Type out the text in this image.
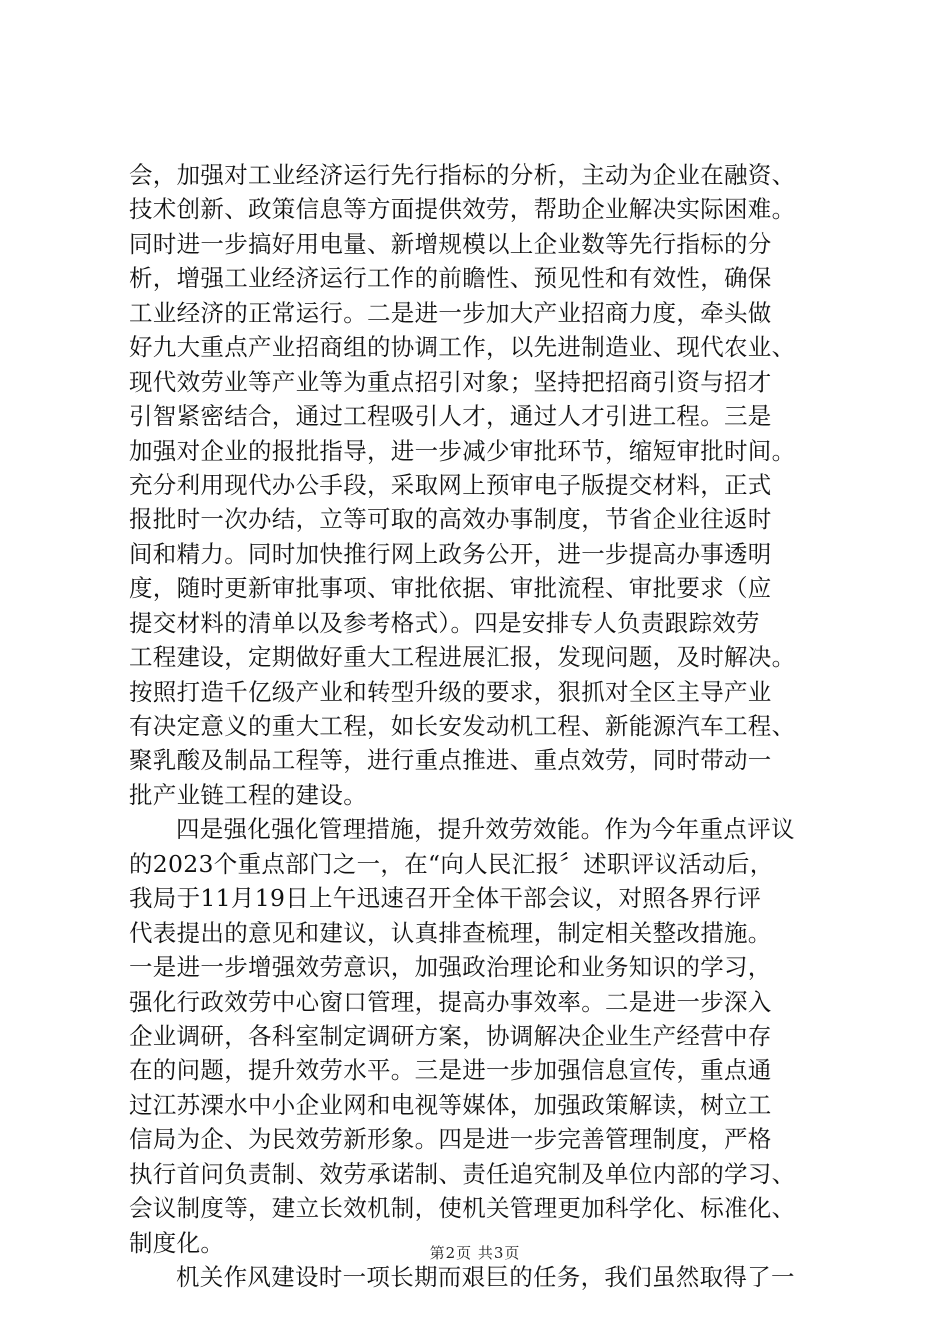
会，加强对工业经济运行先行指标的分析，主动为企业在融资、
技术创新、政策信息等方面提供效劳，帮助企业解决实际困难。
同时进一步搞好用电量、新增规模以上企业数等先行指标的分
析，增强工业经济运行工作的前瞻性、预见性和有效性，确保
工业经济的正常运行。二是进一步加大产业招商力度，牵头做
好九大重点产业招商组的协调工作，以先进制造业、现代农业、
现代效劳业等产业等为重点招引对象；坚持把招商引资与招才
引智紧密结合，通过工程吸引人才，通过人才引进工程。三是
加强对企业的报批指导，进一步减少审批环节，缩短审批时间。
充分利用现代办公手段，采取网上预审电子版提交材料，正式
报批时一次办结，立等可取的高效办事制度，节省企业往返时
间和精力。同时加快推行网上政务公开，进一步提高办事透明
度，随时更新审批事项、审批依据、审批流程、审批要求（应
提交材料的清单以及参考格式）。四是安排专人负责跟踪效劳
工程建设，定期做好重大工程进展汇报，发现问题，及时解决。
按照打造千亿级产业和转型升级的要求，狠抓对全区主导产业
有决定意义的重大工程，如长安发动机工程、新能源汽车工程、
聚乳酸及制品工程等，进行重点推进、重点效劳，同时带动一
批产业链工程的建设。
四是强化强化管理措施，提升效劳效能。作为今年重点评议
的2023个重点部门之一，在“向人民汇报〞述职评议活动后，
我局于11月19日上午迅速召开全体干部会议，对照各界行评
代表提出的意见和建议，认真排查梳理，制定相关整改措施。
一是进一步增强效劳意识，加强政治理论和业务知识的学习，
强化行政效劳中心窗口管理，提高办事效率。二是进一步深入
企业调研，各科室制定调研方案，协调解决企业生产经营中存
在的问题，提升效劳水平。三是进一步加强信息宣传，重点通
过江苏溧水中小企业网和电视等媒体，加强政策解读，树立工
信局为企、为民效劳新形象。四是进一步完善管理制度，严格
执行首问负责制、效劳承诺制、责任追究制及单位内部的学习、
会议制度等，建立长效机制，使机关管理更加科学化、标准化、
制度化。
机关作风建设时一项长期而艰巨的任务，我们虽然取得了一
第2页 共3页
